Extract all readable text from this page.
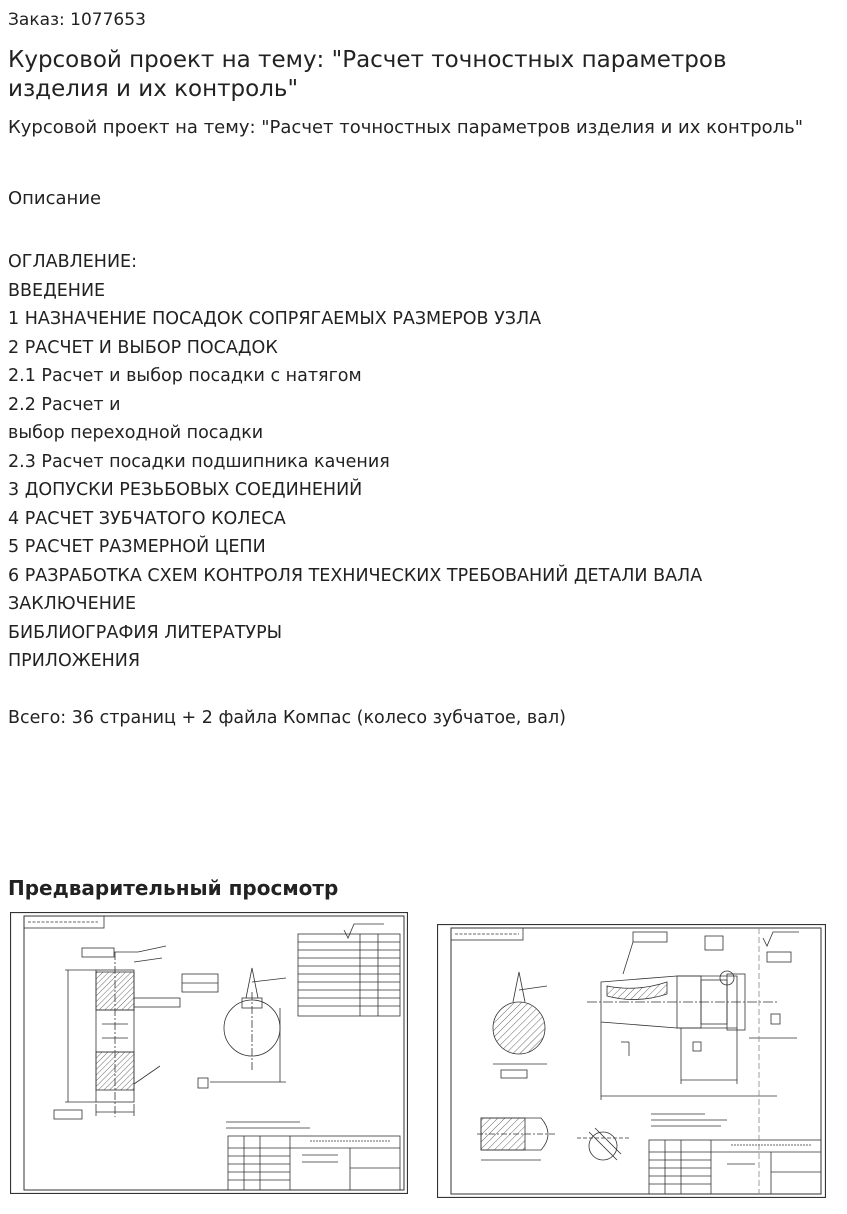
Заказ: 1077653

Курсовой проект на тему: "Расчет точностных параметров изделия и их контроль"

Курсовой проект на тему: "Расчет точностных параметров изделия и их контроль"

Описание

ОГЛАВЛЕНИЕ:
ВВЕДЕНИЕ
1 НАЗНАЧЕНИЕ ПОСАДОК СОПРЯГАЕМЫХ РАЗМЕРОВ УЗЛА
2 РАСЧЕТ И ВЫБОР ПОСАДОК
2.1 Расчет и выбор посадки с натягом
2.2 Расчет и
выбор переходной посадки
2.3 Расчет посадки подшипника качения
3 ДОПУСКИ РЕЗЬБОВЫХ СОЕДИНЕНИЙ
4 РАСЧЕТ ЗУБЧАТОГО КОЛЕСА
5 РАСЧЕТ РАЗМЕРНОЙ ЦЕПИ
6 РАЗРАБОТКА СХЕМ КОНТРОЛЯ ТЕХНИЧЕСКИХ ТРЕБОВАНИЙ ДЕТАЛИ ВАЛА
ЗАКЛЮЧЕНИЕ
БИБЛИОГРАФИЯ ЛИТЕРАТУРЫ
ПРИЛОЖЕНИЯ

Всего: 36 страниц + 2 файла Компас (колесо зубчатое, вал)

Предварительный просмотр
